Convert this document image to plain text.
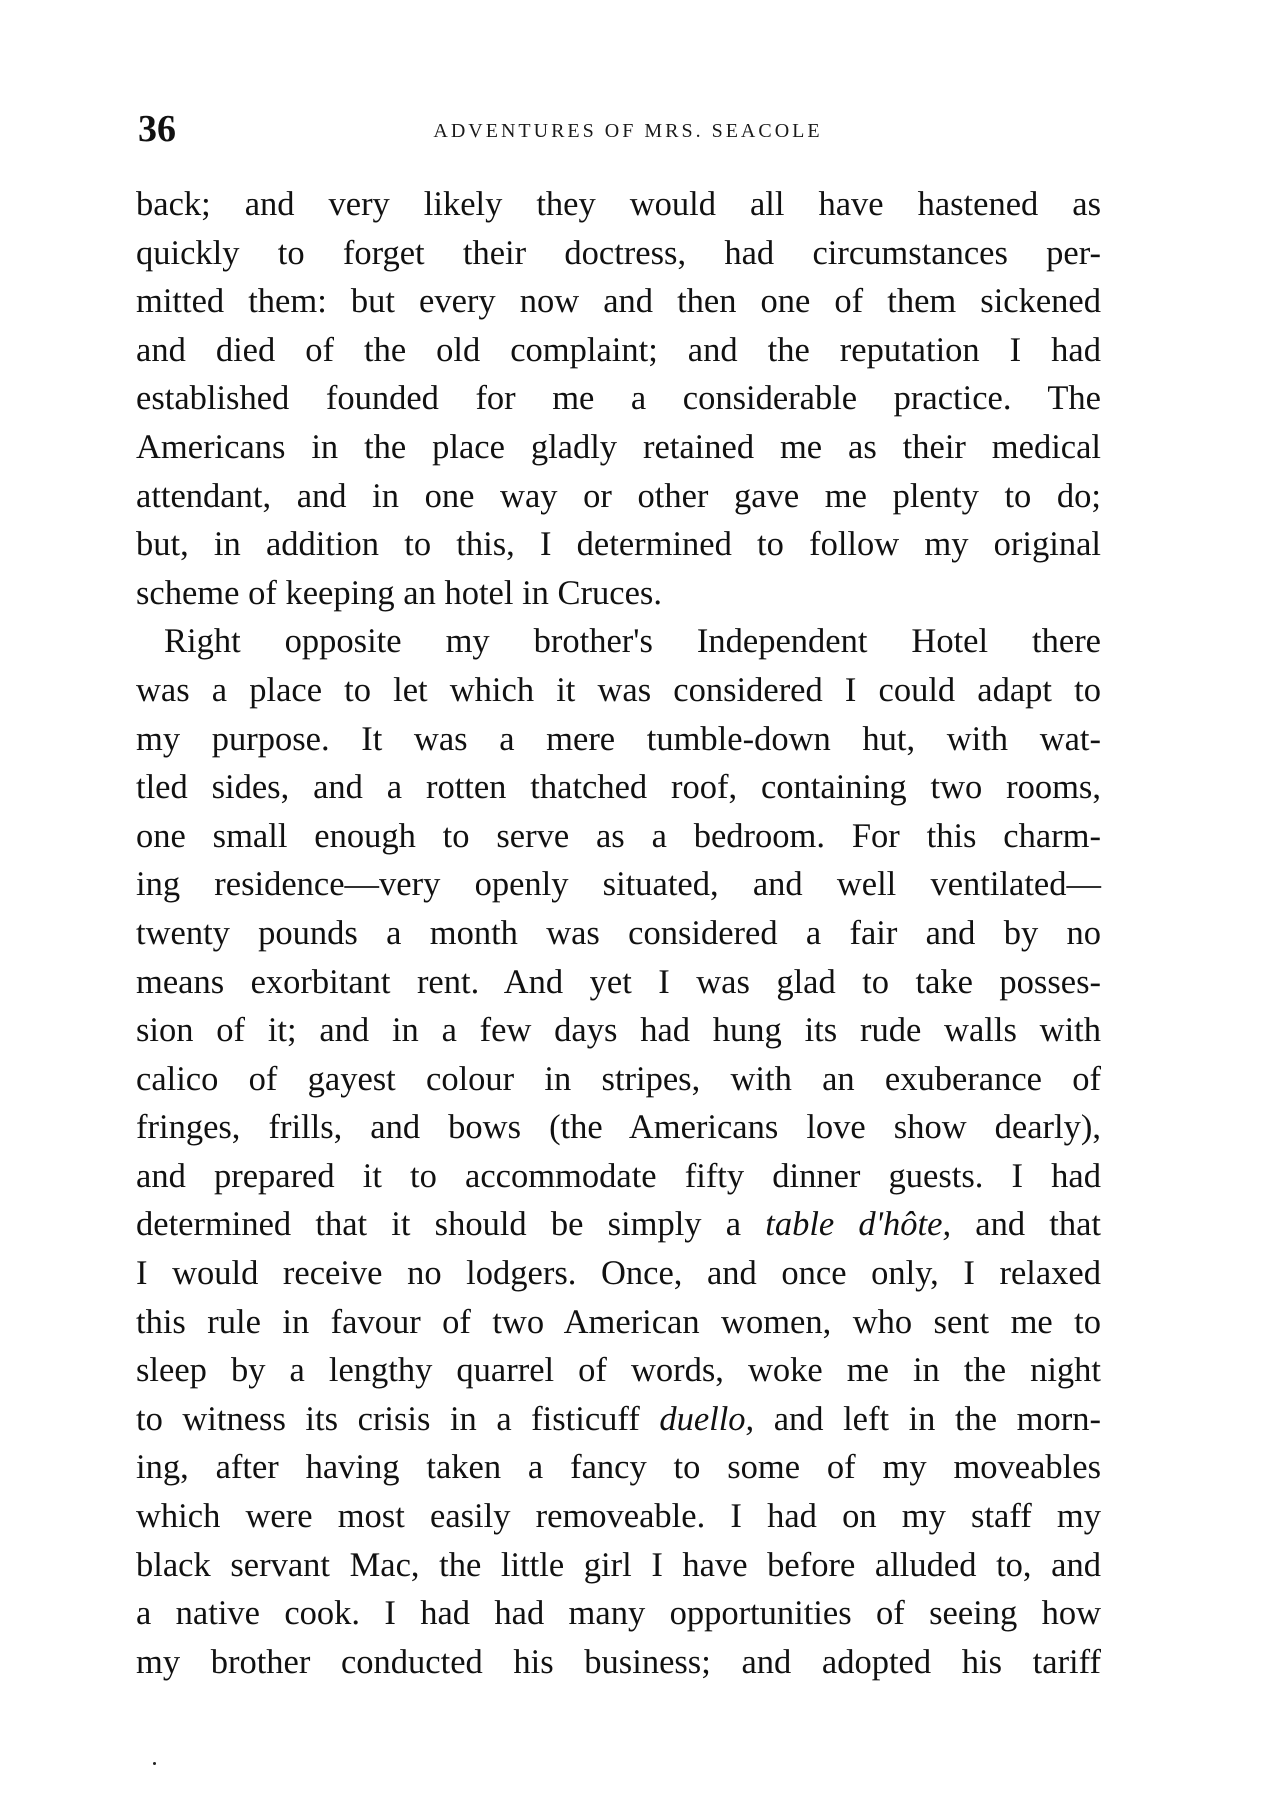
36	ADVENTURES OF MRS. SEACOLE
back; and very likely they would all have hastened as
quickly to forget their doctress, had circumstances per-
mitted them: but every now and then one of them sickened
and died of the old complaint; and the reputation I had
established founded for me a considerable practice. The
Americans in the place gladly retained me as their medical
attendant, and in one way or other gave me plenty to do;
but, in addition to this, I determined to follow my original
scheme of keeping an hotel in Cruces.
Right opposite my brother's Independent Hotel there
was a place to let which it was considered I could adapt to
my purpose. It was a mere tumble-down hut, with wat-
tled sides, and a rotten thatched roof, containing two rooms,
one small enough to serve as a bedroom. For this charm-
ing residence—very openly situated, and well ventilated—
twenty pounds a month was considered a fair and by no
means exorbitant rent. And yet I was glad to take posses-
sion of it; and in a few days had hung its rude walls with
calico of gayest colour in stripes, with an exuberance of
fringes, frills, and bows (the Americans love show dearly),
and prepared it to accommodate fifty dinner guests. I had
determined that it should be simply a table d'hôte, and that
I would receive no lodgers. Once, and once only, I relaxed
this rule in favour of two American women, who sent me to
sleep by a lengthy quarrel of words, woke me in the night
to witness its crisis in a fisticuff duello, and left in the morn-
ing, after having taken a fancy to some of my moveables
which were most easily removeable. I had on my staff my
black servant Mac, the little girl I have before alluded to, and
a native cook. I had had many opportunities of seeing how
my brother conducted his business; and adopted his tariff
